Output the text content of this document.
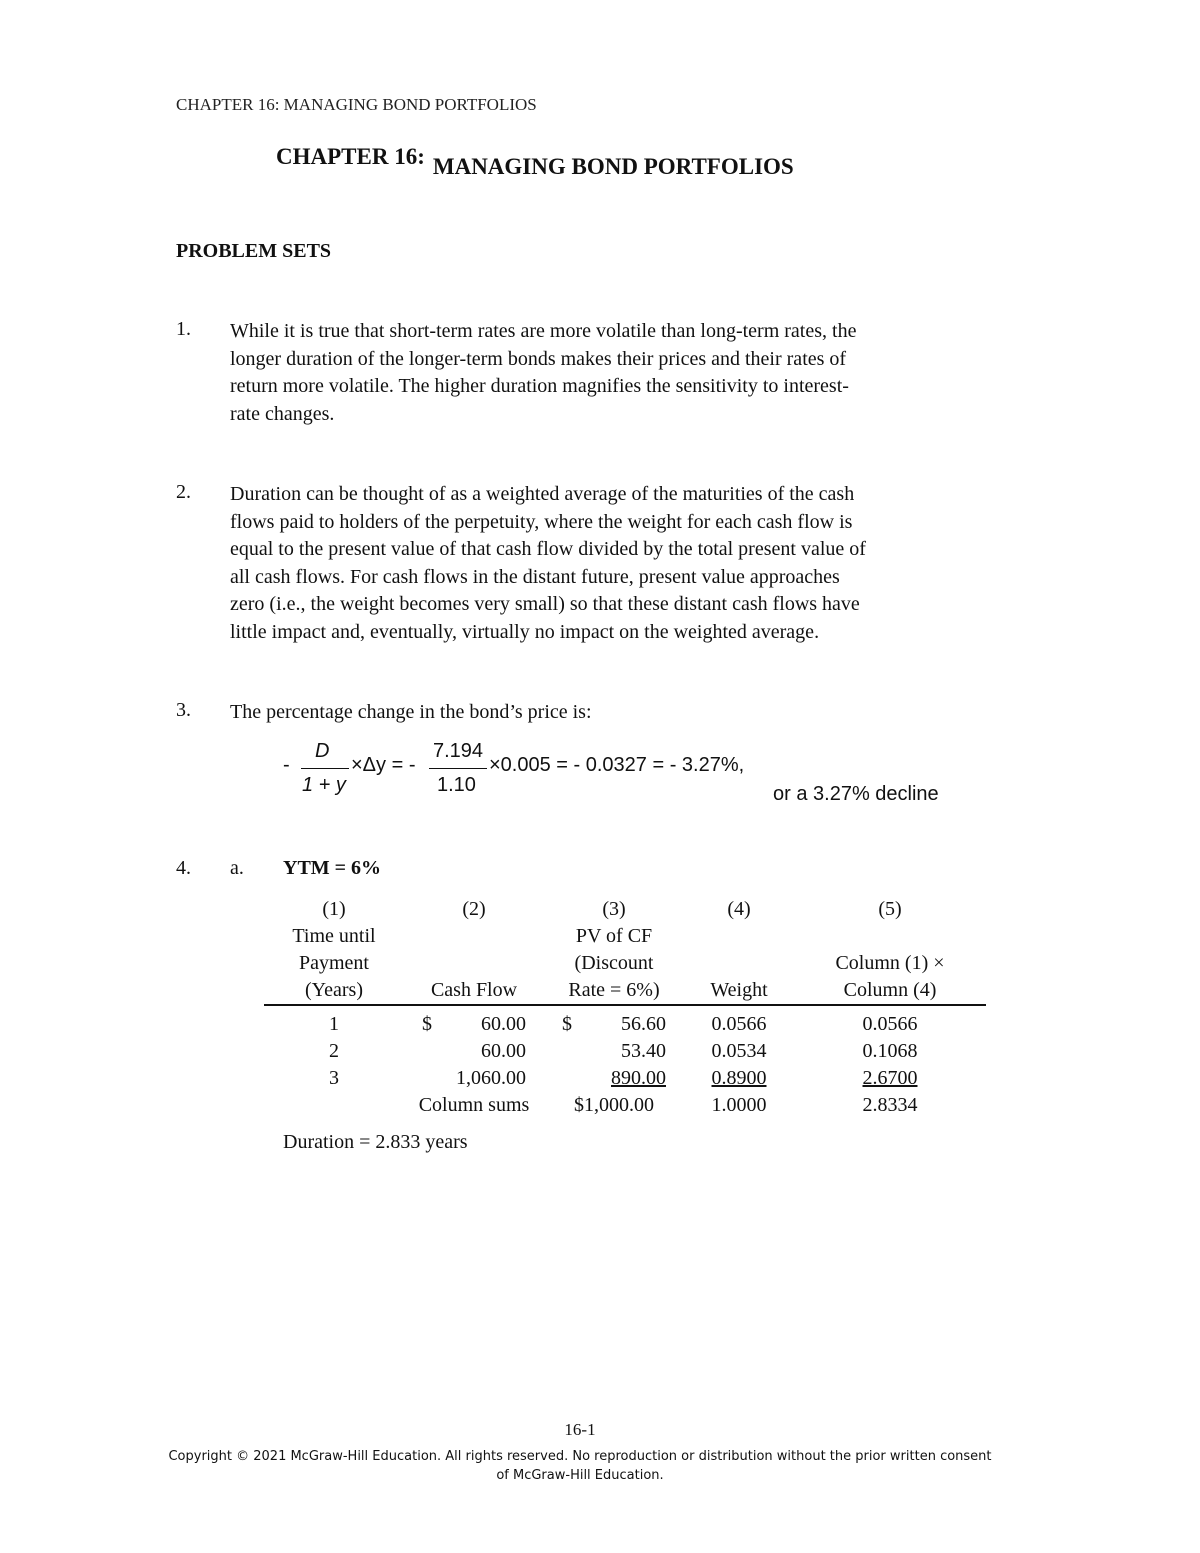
CHAPTER 16: MANAGING BOND PORTFOLIOS
CHAPTER 16: MANAGING BOND PORTFOLIOS
PROBLEM SETS
1. While it is true that short-term rates are more volatile than long-term rates, the

longer duration of the longer-term bonds makes their prices and their rates of

return more volatile. The higher duration magnifies the sensitivity to interest-

rate changes.

2. Duration can be thought of as a weighted average of the maturities of the cash

flows paid to holders of the perpetuity, where the weight for each cash flow is

equal to the present value of that cash flow divided by the total present value of

all cash flows. For cash flows in the distant future, present value approaches

zero (i.e., the weight becomes very small) so that these distant cash flows have

little impact and, eventually, virtually no impact on the weighted average.

3. The percentage change in the bond’s price is:
-
D
1 + y
×Δy = -
7.194
1.10
×0.005 = - 0.0327 = - 3.27%,
or a 3.27% decline
4. a. YTM = 6%
(1)	(2)	(3)	(4)	(5)
Time until		PV of CF		
Payment		(Discount		Column (1) ×
(Years)	Cash Flow	Rate = 6%)	Weight	Column (4)
1	$ 60.00	$ 56.60	0.0566	0.0566
2	60.00	53.40	0.0534	0.1068
3	1,060.00	890.00	0.8900	2.6700
	Column sums	$1,000.00	1.0000	2.8334
Duration = 2.833 years
16-1
Copyright © 2021 McGraw-Hill Education. All rights reserved. No reproduction or distribution without the prior written consent
of McGraw-Hill Education.
